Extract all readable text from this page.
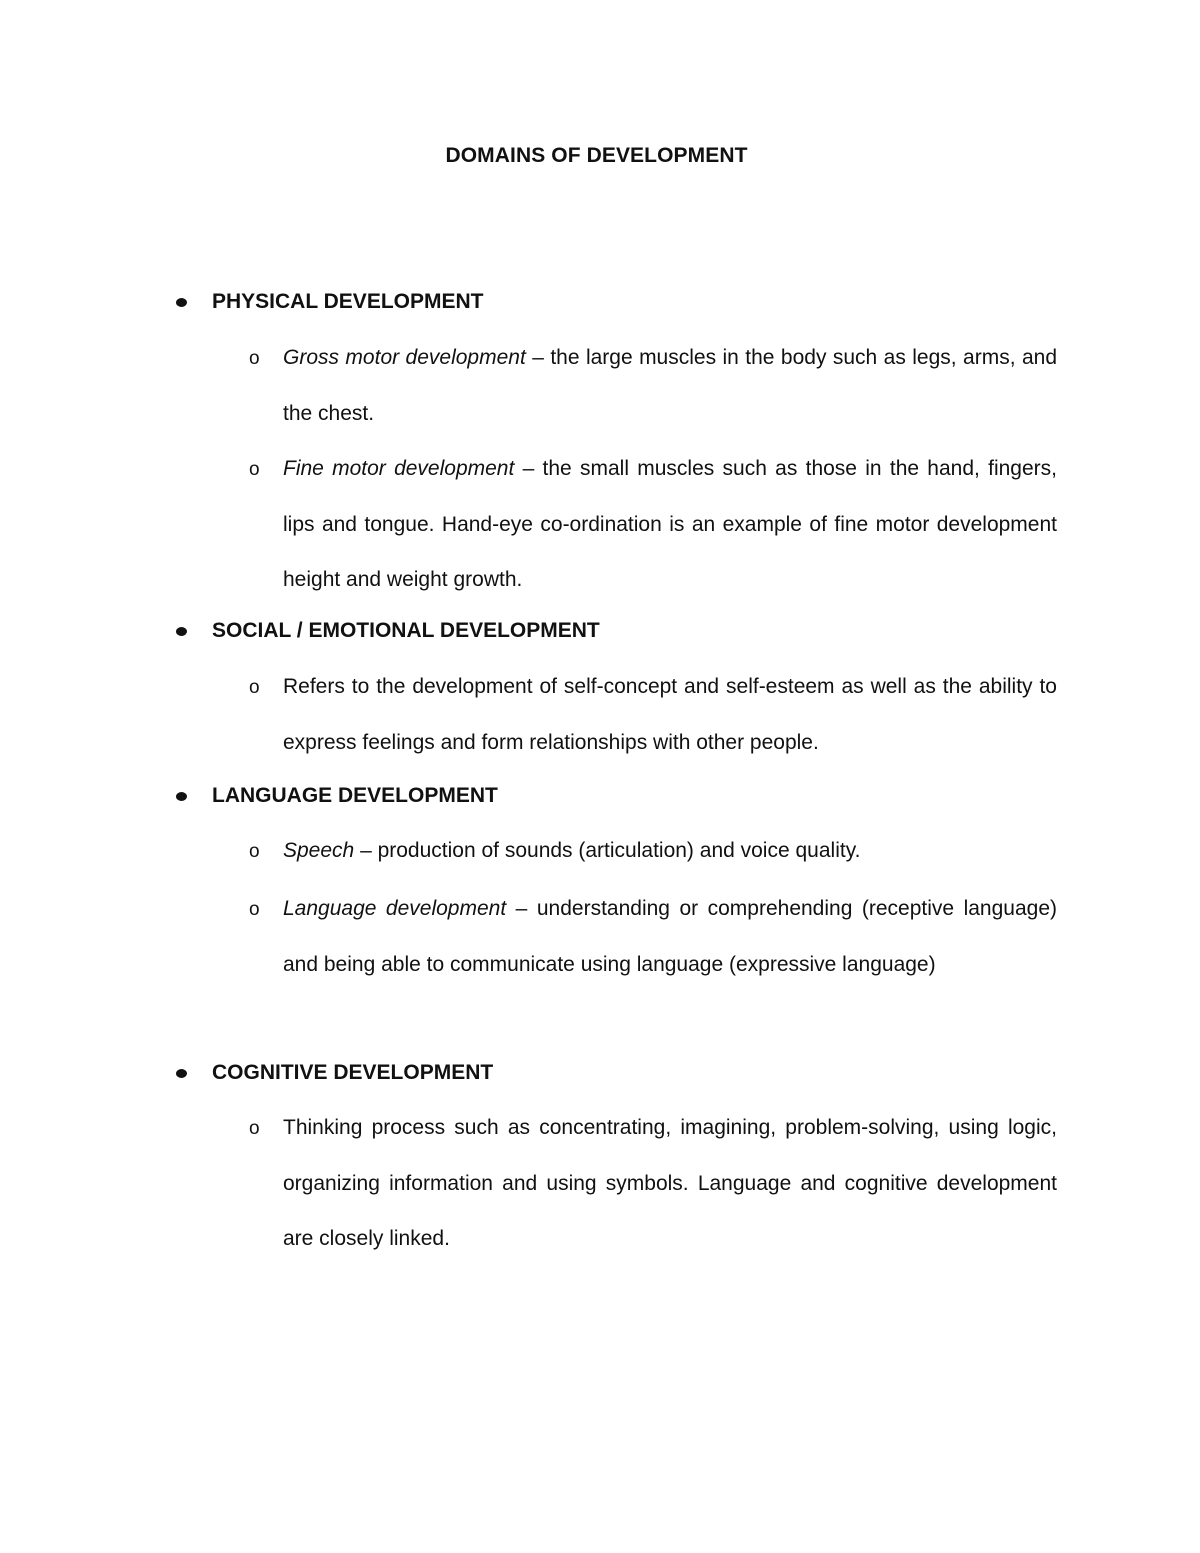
DOMAINS OF DEVELOPMENT
PHYSICAL DEVELOPMENT
o Gross motor development – the large muscles in the body such as legs, arms, and the chest.
o Fine motor development – the small muscles such as those in the hand, fingers, lips and tongue. Hand-eye co-ordination is an example of fine motor development height and weight growth.
SOCIAL / EMOTIONAL DEVELOPMENT
o Refers to the development of self-concept and self-esteem as well as the ability to express feelings and form relationships with other people.
LANGUAGE DEVELOPMENT
o Speech – production of sounds (articulation) and voice quality.
o Language development – understanding or comprehending (receptive language) and being able to communicate using language (expressive language)
COGNITIVE DEVELOPMENT
o Thinking process such as concentrating, imagining, problem-solving, using logic, organizing information and using symbols. Language and cognitive development are closely linked.
